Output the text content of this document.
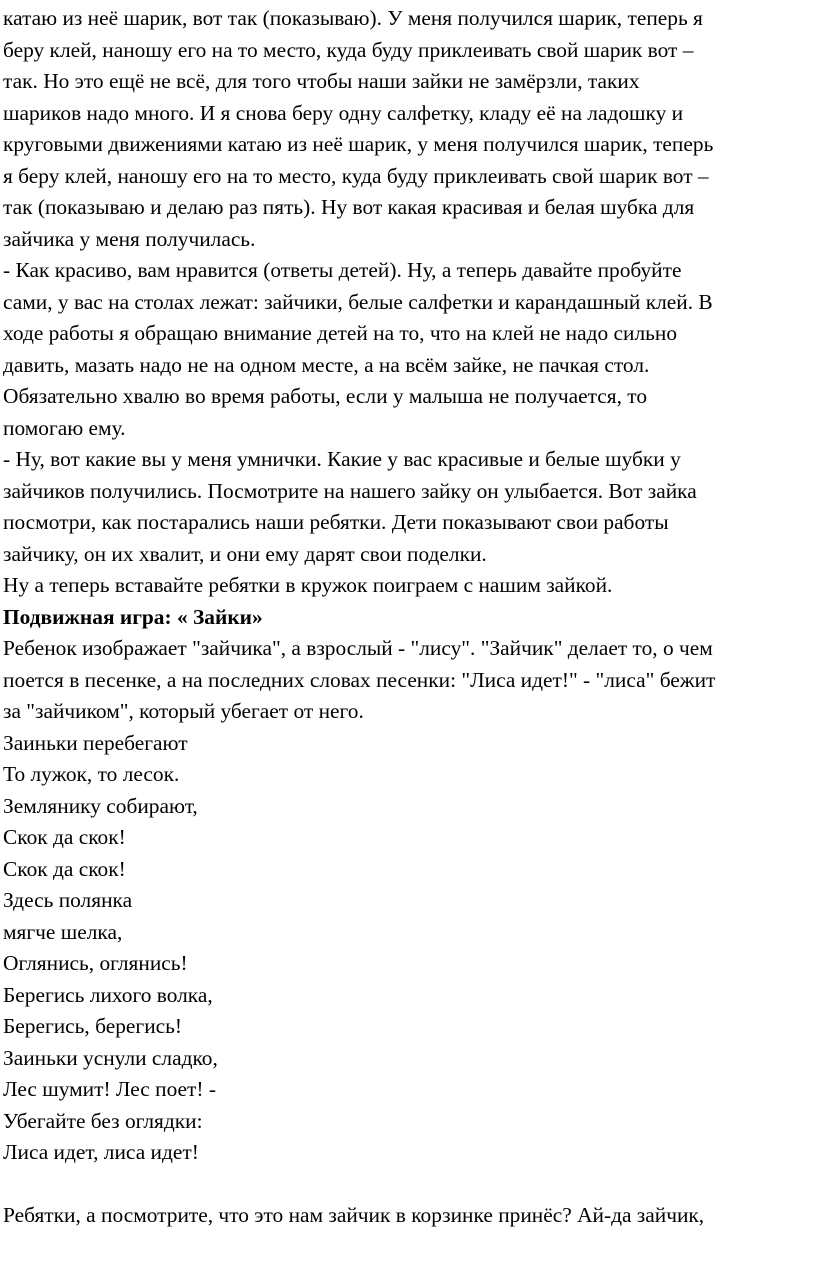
катаю из неё шарик, вот так (показываю). У меня получился шарик, теперь я
беру клей, наношу его на то место, куда буду приклеивать свой шарик вот –
так. Но это ещё не всё, для того чтобы наши зайки не замёрзли, таких
шариков надо много. И я снова беру одну салфетку, кладу её на ладошку и
круговыми движениями катаю из неё шарик, у меня получился шарик, теперь
я беру клей, наношу его на то место, куда буду приклеивать свой шарик вот –
так (показываю и делаю раз пять). Ну вот какая красивая и белая шубка для
зайчика у меня получилась.
- Как красиво, вам нравится (ответы детей). Ну, а теперь давайте пробуйте
сами, у вас на столах лежат: зайчики, белые салфетки и карандашный клей. В
ходе работы я обращаю внимание детей на то, что на клей не надо сильно
давить, мазать надо не на одном месте, а на всём зайке, не пачкая стол.
Обязательно хвалю во время работы, если у малыша не получается, то
помогаю ему.
- Ну, вот какие вы у меня умнички. Какие у вас красивые и белые шубки у
зайчиков получились. Посмотрите на нашего зайку он улыбается. Вот зайка
посмотри, как постарались наши ребятки. Дети показывают свои работы
зайчику, он их хвалит, и они ему дарят свои поделки.
Ну а теперь вставайте ребятки в кружок поиграем с нашим зайкой.
Подвижная игра: « Зайки»
Ребенок изображает "зайчика", а взрослый - "лису". "Зайчик" делает то, о чем
поется в песенке, а на последних словах песенки: "Лиса идет!" - "лиса" бежит
за "зайчиком", который убегает от него.
Заиньки перебегают
То лужок, то лесок.
Землянику собирают,
Скок да скок!
Скок да скок!
Здесь полянка
мягче шелка,
Оглянись, оглянись!
Берегись лихого волка,
Берегись, берегись!
Заиньки уснули сладко,
Лес шумит! Лес поет! -
Убегайте без оглядки:
Лиса идет, лиса идет!
Ребятки, а посмотрите, что это нам зайчик в корзинке принёс? Ай-да зайчик,
